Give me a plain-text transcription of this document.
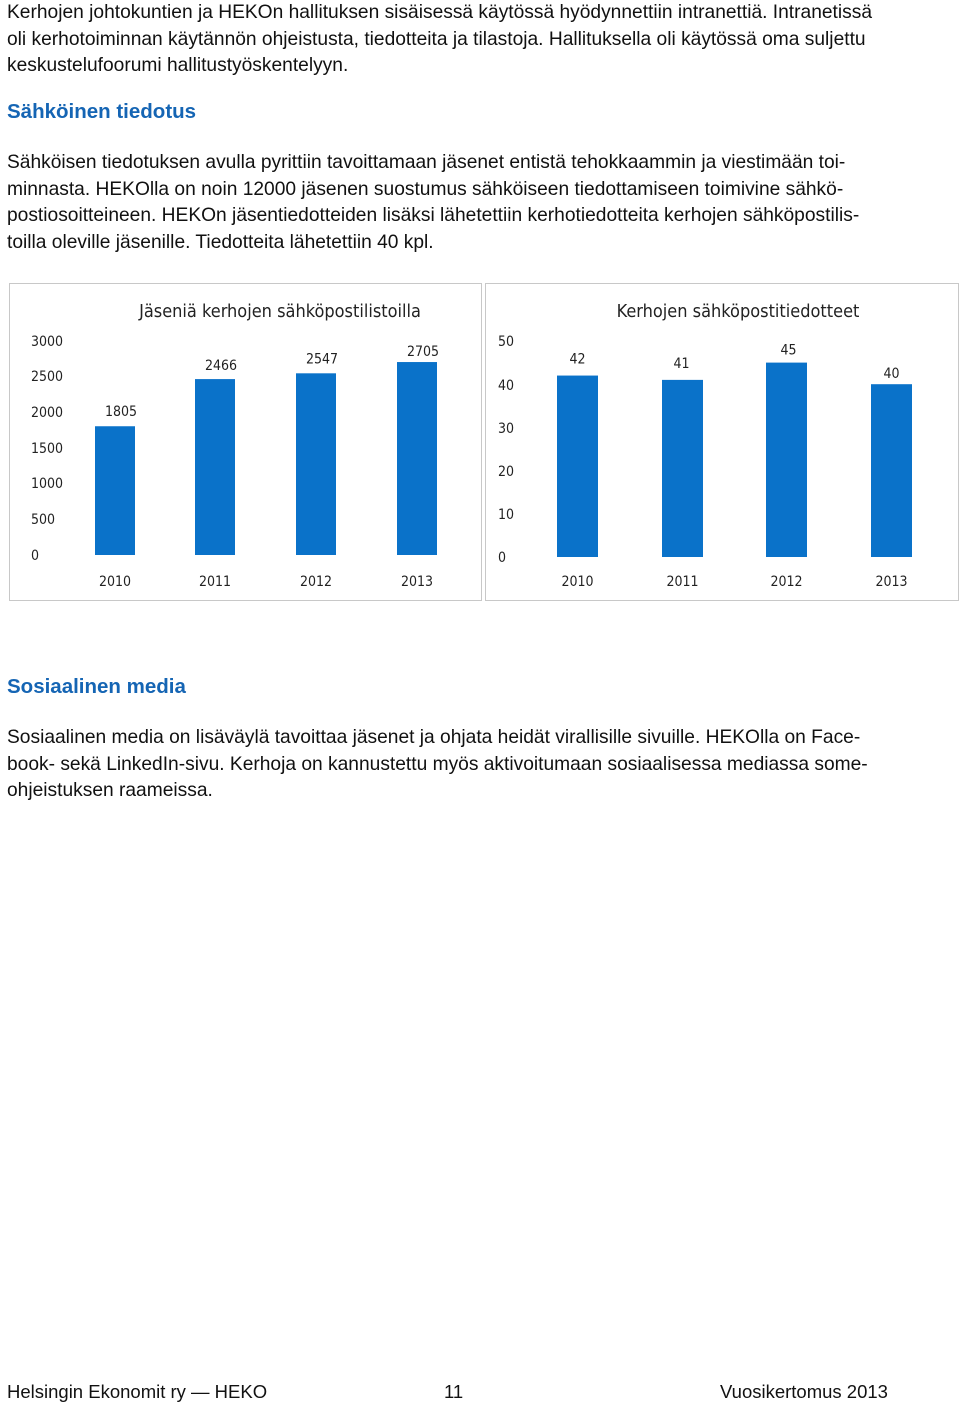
Kerhojen johtokuntien ja HEKOn hallituksen sisäisessä käytössä hyödynnettiin intranettiä. Intranetissä
oli kerhotoiminnan käytännön ohjeistusta, tiedotteita ja tilastoja. Hallituksella oli käytössä oma suljettu
keskustelufoorumi hallitustyöskentelyyn.
Sähköinen tiedotus
Sähköisen tiedotuksen avulla pyrittiin tavoittamaan jäsenet entistä tehokkaammin ja viestimään toi-
minnasta. HEKOlla on noin 12000 jäsenen suostumus sähköiseen tiedottamiseen toimivine sähkö-
postiosoitteineen. HEKOn jäsentiedotteiden lisäksi lähetettiin kerhotiedotteita kerhojen sähköpostilis-
toilla oleville jäsenille. Tiedotteita lähetettiin 40 kpl.
Jäseniä kerhojen sähköpostilistoilla
3000
2500
2000
1500
1000
500
0
1805
2010
2466
2011
2547
2012
2705
2013
Kerhojen sähköpostitiedotteet
50
40
30
20
10
0
42
2010
41
2011
45
2012
40
2013
Sosiaalinen media
Sosiaalinen media on lisäväylä tavoittaa jäsenet ja ohjata heidät virallisille sivuille. HEKOlla on Face-
book- sekä LinkedIn-sivu. Kerhoja on kannustettu myös aktivoitumaan sosiaalisessa mediassa some-
ohjeistuksen raameissa.
Helsingin Ekonomit ry — HEKO	11	Vuosikertomus 2013
